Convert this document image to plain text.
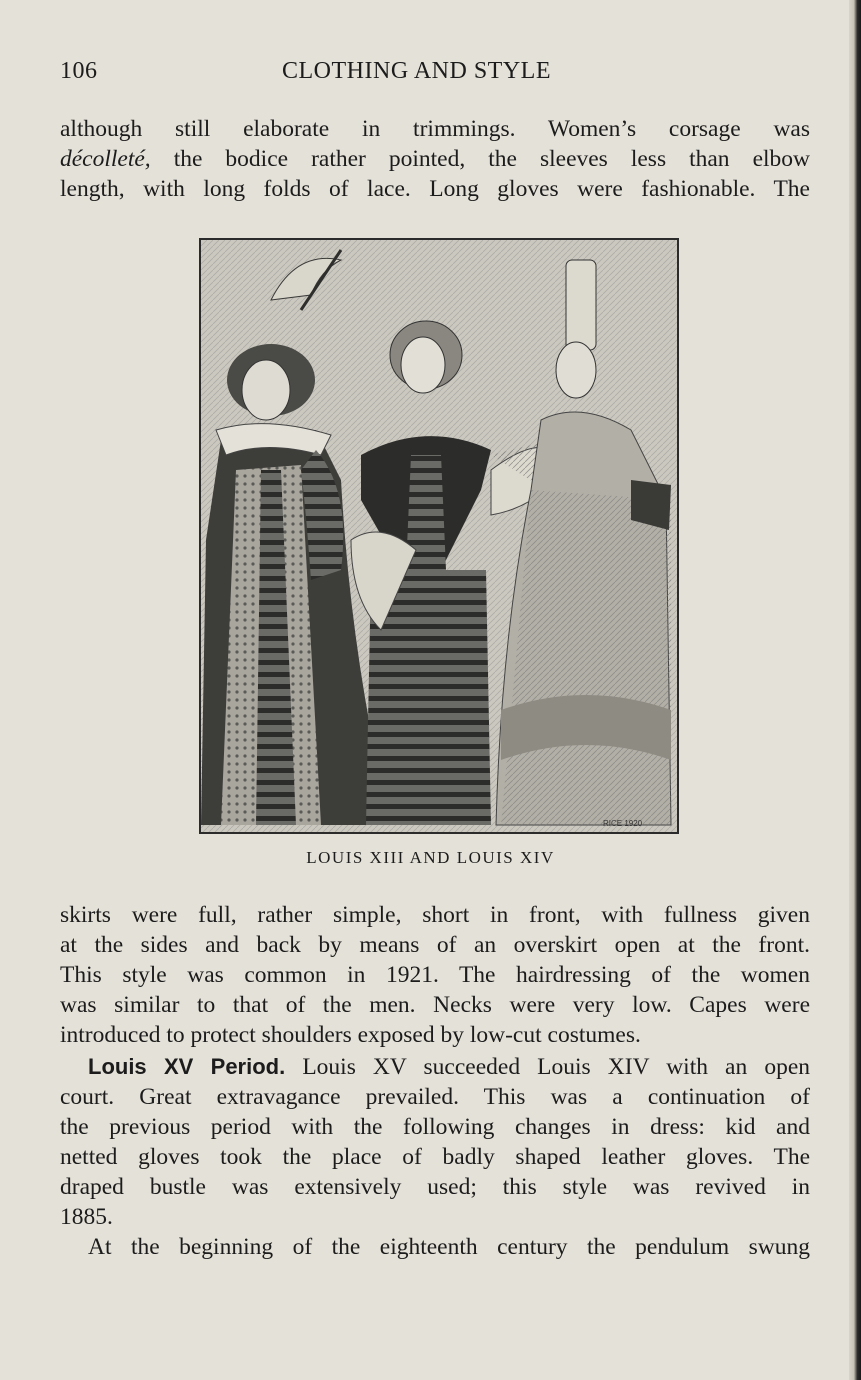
106	CLOTHING AND STYLE
although still elaborate in trimmings. Women’s corsage was
décolleté, the bodice rather pointed, the sleeves less than elbow
length, with long folds of lace. Long gloves were fashionable. The
RICE 1920
LOUIS XIII AND LOUIS XIV
skirts were full, rather simple, short in front, with fullness given
at the sides and back by means of an overskirt open at the front.
This style was common in 1921. The hairdressing of the women
was similar to that of the men. Necks were very low. Capes were
introduced to protect shoulders exposed by low-cut costumes.
Louis XV Period. Louis XV succeeded Louis XIV with an open
court. Great extravagance prevailed. This was a continuation of
the previous period with the following changes in dress: kid and
netted gloves took the place of badly shaped leather gloves. The
draped bustle was extensively used; this style was revived in
1885.
At the beginning of the eighteenth century the pendulum swung
